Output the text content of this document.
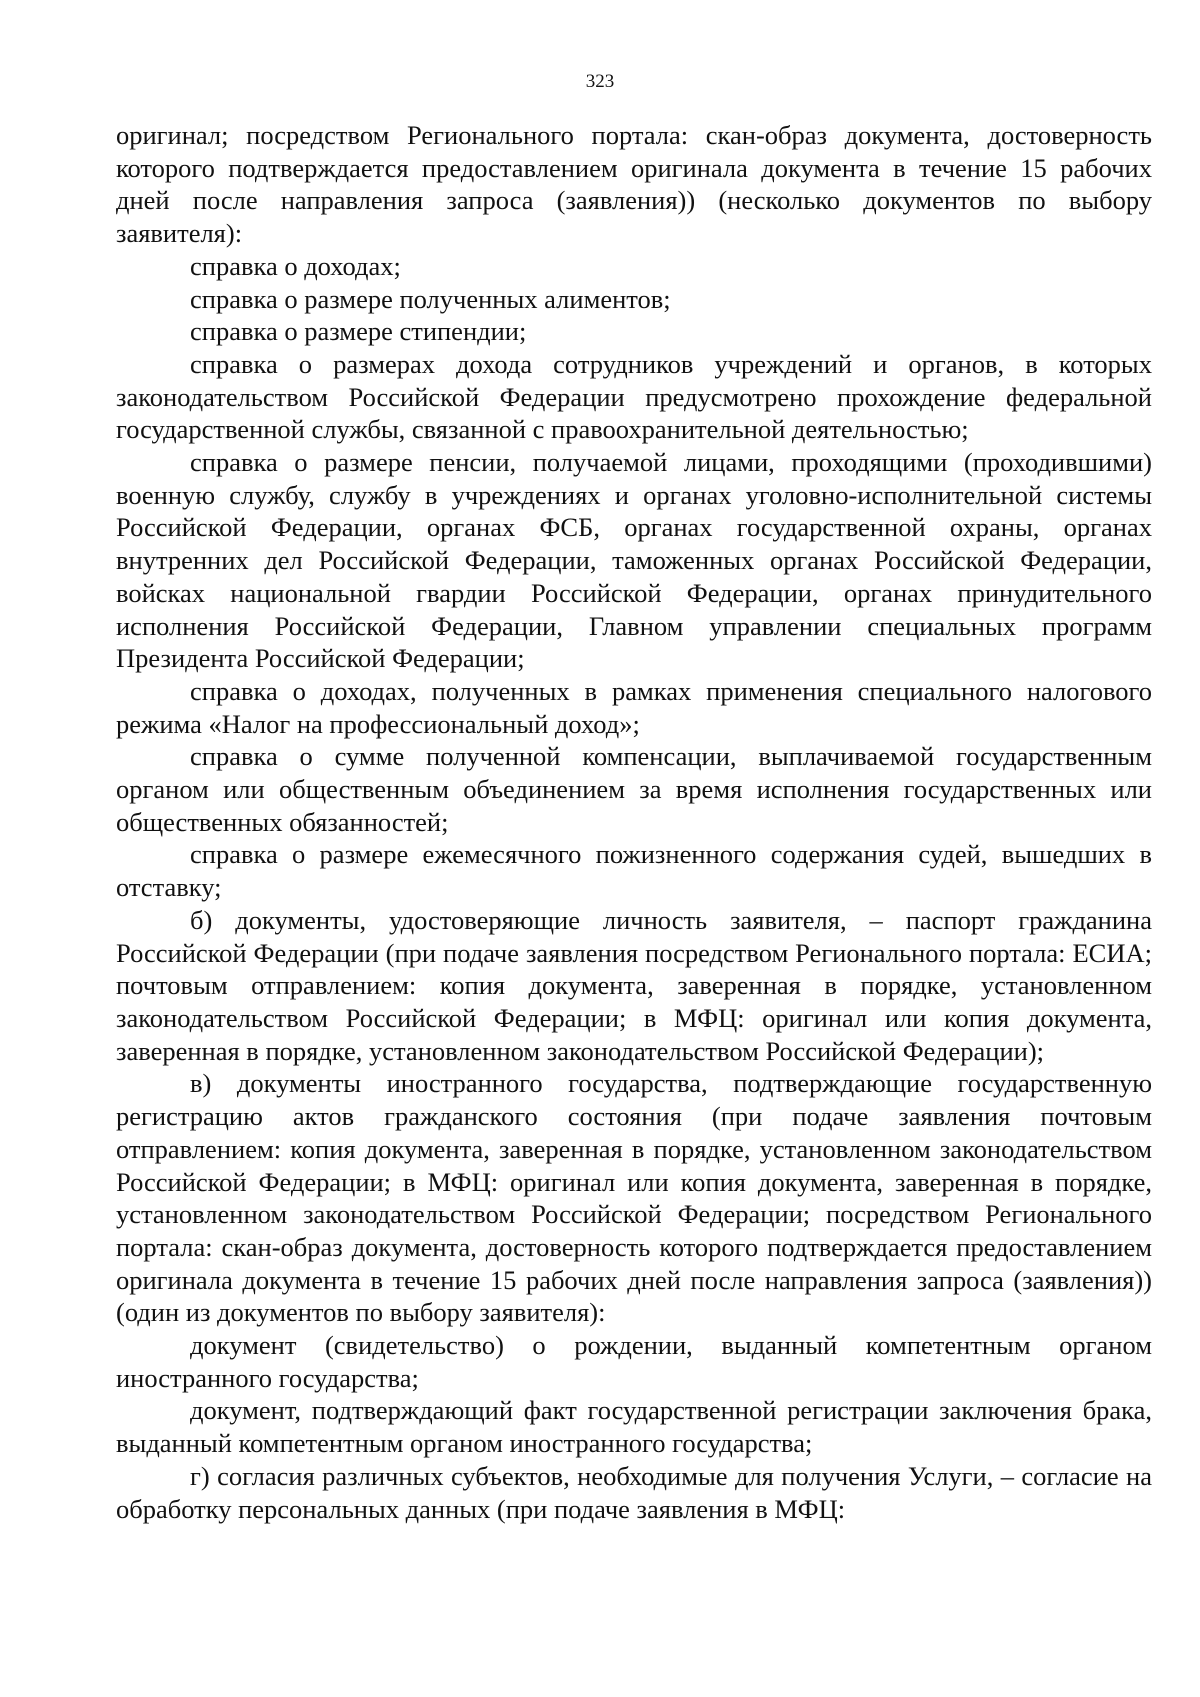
323

оригинал; посредством Регионального портала: скан-образ документа, достоверность которого подтверждается предоставлением оригинала документа в течение 15 рабочих дней после направления запроса (заявления)) (несколько документов по выбору заявителя):

справка о доходах;

справка о размере полученных алиментов;

справка о размере стипендии;

справка о размерах дохода сотрудников учреждений и органов, в которых законодательством Российской Федерации предусмотрено прохождение федеральной государственной службы, связанной с правоохранительной деятельностью;

справка о размере пенсии, получаемой лицами, проходящими (проходившими) военную службу, службу в учреждениях и органах уголовно-исполнительной системы Российской Федерации, органах ФСБ, органах государственной охраны, органах внутренних дел Российской Федерации, таможенных органах Российской Федерации, войсках национальной гвардии Российской Федерации, органах принудительного исполнения Российской Федерации, Главном управлении специальных программ Президента Российской Федерации;

справка о доходах, полученных в рамках применения специального налогового режима «Налог на профессиональный доход»;

справка о сумме полученной компенсации, выплачиваемой государственным органом или общественным объединением за время исполнения государственных или общественных обязанностей;

справка о размере ежемесячного пожизненного содержания судей, вышедших в отставку;

б) документы, удостоверяющие личность заявителя, – паспорт гражданина Российской Федерации (при подаче заявления посредством Регионального портала: ЕСИА; почтовым отправлением: копия документа, заверенная в порядке, установленном законодательством Российской Федерации; в МФЦ: оригинал или копия документа, заверенная в порядке, установленном законодательством Российской Федерации);

в) документы иностранного государства, подтверждающие государственную регистрацию актов гражданского состояния (при подаче заявления почтовым отправлением: копия документа, заверенная в порядке, установленном законодательством Российской Федерации; в МФЦ: оригинал или копия документа, заверенная в порядке, установленном законодательством Российской Федерации; посредством Регионального портала: скан-образ документа, достоверность которого подтверждается предоставлением оригинала документа в течение 15 рабочих дней после направления запроса (заявления)) (один из документов по выбору заявителя):

документ (свидетельство) о рождении, выданный компетентным органом иностранного государства;

документ, подтверждающий факт государственной регистрации заключения брака, выданный компетентным органом иностранного государства;

г) согласия различных субъектов, необходимые для получения Услуги, – согласие на обработку персональных данных (при подаче заявления в МФЦ:
